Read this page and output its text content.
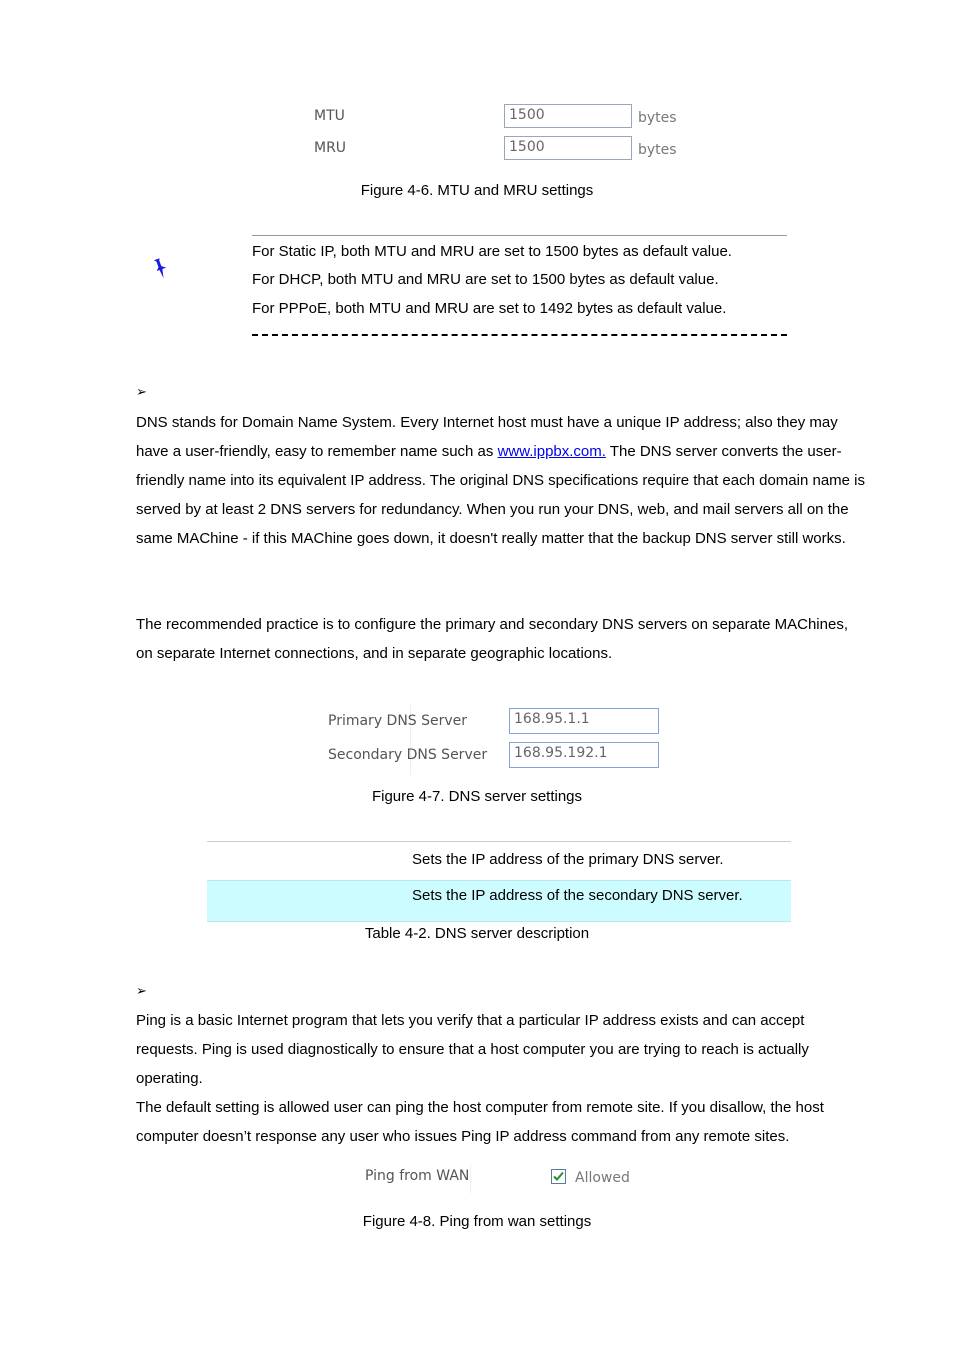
MTU	1500	bytes
MRU	1500	bytes
Figure 4-6. MTU and MRU settings
For Static IP, both MTU and MRU are set to 1500 bytes as default value.
For DHCP, both MTU and MRU are set to 1500 bytes as default value.
For PPPoE, both MTU and MRU are set to 1492 bytes as default value.
➢
DNS stands for Domain Name System. Every Internet host must have a unique IP address; also they may have a user-friendly, easy to remember name such as www.ippbx.com. The DNS server converts the user-friendly name into its equivalent IP address. The original DNS specifications require that each domain name is served by at least 2 DNS servers for redundancy. When you run your DNS, web, and mail servers all on the same MAChine - if this MAChine goes down, it doesn't really matter that the backup DNS server still works.
The recommended practice is to configure the primary and secondary DNS servers on separate MAChines, on separate Internet connections, and in separate geographic locations.
Primary DNS Server	168.95.1.1
Secondary DNS Server	168.95.192.1
Figure 4-7. DNS server settings
Sets the IP address of the primary DNS server.
Sets the IP address of the secondary DNS server.
Table 4-2. DNS server description
➢
Ping is a basic Internet program that lets you verify that a particular IP address exists and can accept requests. Ping is used diagnostically to ensure that a host computer you are trying to reach is actually operating.
The default setting is allowed user can ping the host computer from remote site. If you disallow, the host computer doesn’t response any user who issues Ping IP address command from any remote sites.
Ping from WAN	Allowed
Figure 4-8. Ping from wan settings
